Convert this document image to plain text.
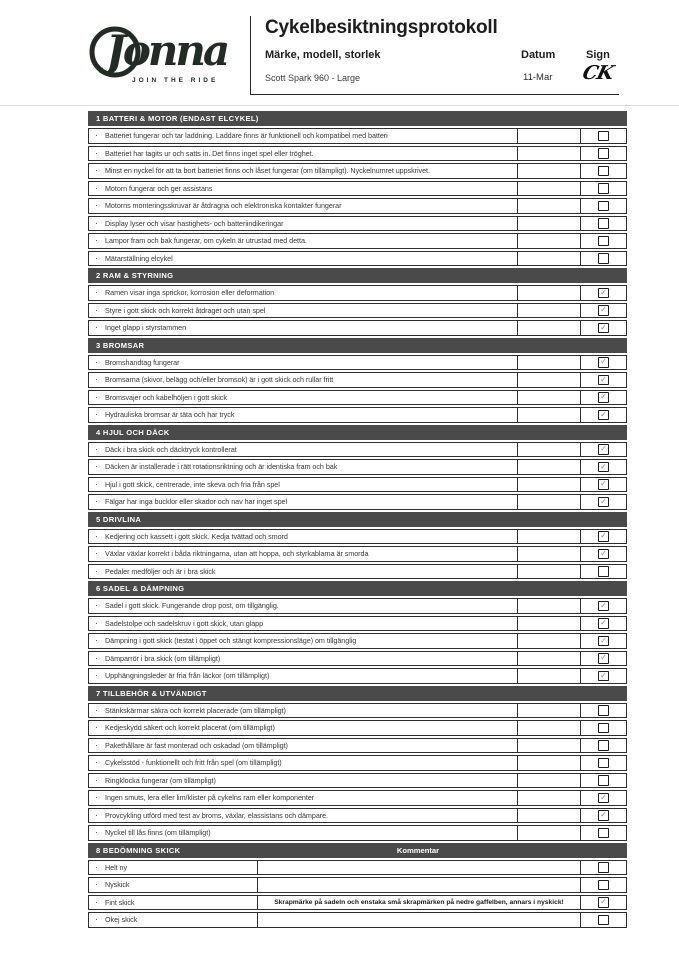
Jonna
JOIN THE RIDE
Cykelbesiktningsprotokoll
Märke, modell, storlek	Datum	Sign
Scott Spark 960 - Large	11-Mar CK
1 BATTERI & MOTOR (ENDAST ELCYKEL)
· Batteriet fungerar och tar laddning. Laddare finns är funktionell och kompatibel med batteri
· Batteriet har tagits ur och satts in. Det finns inget spel eller tröghet.
· Minst en nyckel för att ta bort batteriet finns och låset fungerar (om tillämpligt). Nyckelnumret uppskrivet.
· Motorn fungerar och ger assistans
· Motorns monteringsskruvar är åtdragna och elektroniska kontakter fungerar
· Display lyser och visar hastighets- och batteriindikeringar
· Lampor fram och bak fungerar, om cykeln är utrustad med detta.
· Mätarställning elcykel
2 RAM & STYRNING
· Ramen visar inga sprickor, korrosion eller deformation	✓
· Styre i gott skick och korrekt åtdraget och utan spel	✓
· Inget glapp i styrstammen	✓
3 BROMSAR
· Bromshandtag fungerar	✓
· Bromsarna (skivor, belägg och/eller bromsok) är i gott skick och rullar fritt	✓
· Bromsvajer och kabelhöljen i gott skick	✓
· Hydrauliska bromsar är täta och har tryck	✓
4 HJUL OCH DÄCK
· Däck i bra skick och däcktryck kontrollerat	✓
· Däcken är installerade i rätt rotationsriktning och är identiska fram och bak	✓
· Hjul i gott skick, centrerade, inte skeva och fria från spel	✓
· Fälgar har inga bucklor eller skador och nav har inget spel	✓
5 DRIVLINA
· Kedjering och kassett i gott skick. Kedja tvättad och smord	✓
· Växlar växlar korrekt i båda riktningarna, utan att hoppa, och styrkablarna är smorda	✓
· Pedaler medföljer och är i bra skick
6 SADEL & DÄMPNING
· Sadel i gott skick. Fungerande drop post, om tillgänglig.	✓
· Sadelstolpe och sadelskruv i gott skick, utan glapp	✓
· Dämpning i gott skick (testat i öppet och stängt kompressionsläge) om tillgänglig	✓
· Dämparrör i bra skick (om tillämpligt)	✓
· Upphängningsleder är fria från läckor (om tillämpligt)	✓
7 TILLBEHÖR & UTVÄNDIGT
· Stänkskärmar säkra och korrekt placerade (om tillämpligt)
· Kedjeskydd säkert och korrekt placerat (om tillämpligt)
· Pakethållare är fast monterad och oskadad (om tillämpligt)
· Cykelsstöd - funktionellt och fritt från spel (om tillämpligt)
· Ringklocka fungerar (om tillämpligt)
· Ingen smuts, lera eller lim/klister på cykelns ram eller komponenter	✓
· Provcykling utförd med test av broms, växlar, elassistans och dämpare.	✓
· Nyckel till lås finns (om tillämpligt)
8 BEDÖMNING SKICK	Kommentar
· Helt ny
· Nyskick
· Fint skick	Skrapmärke på sadeln och enstaka små skrapmärken på nedre gaffelben, annars i nyskick!	✓
· Okej skick
